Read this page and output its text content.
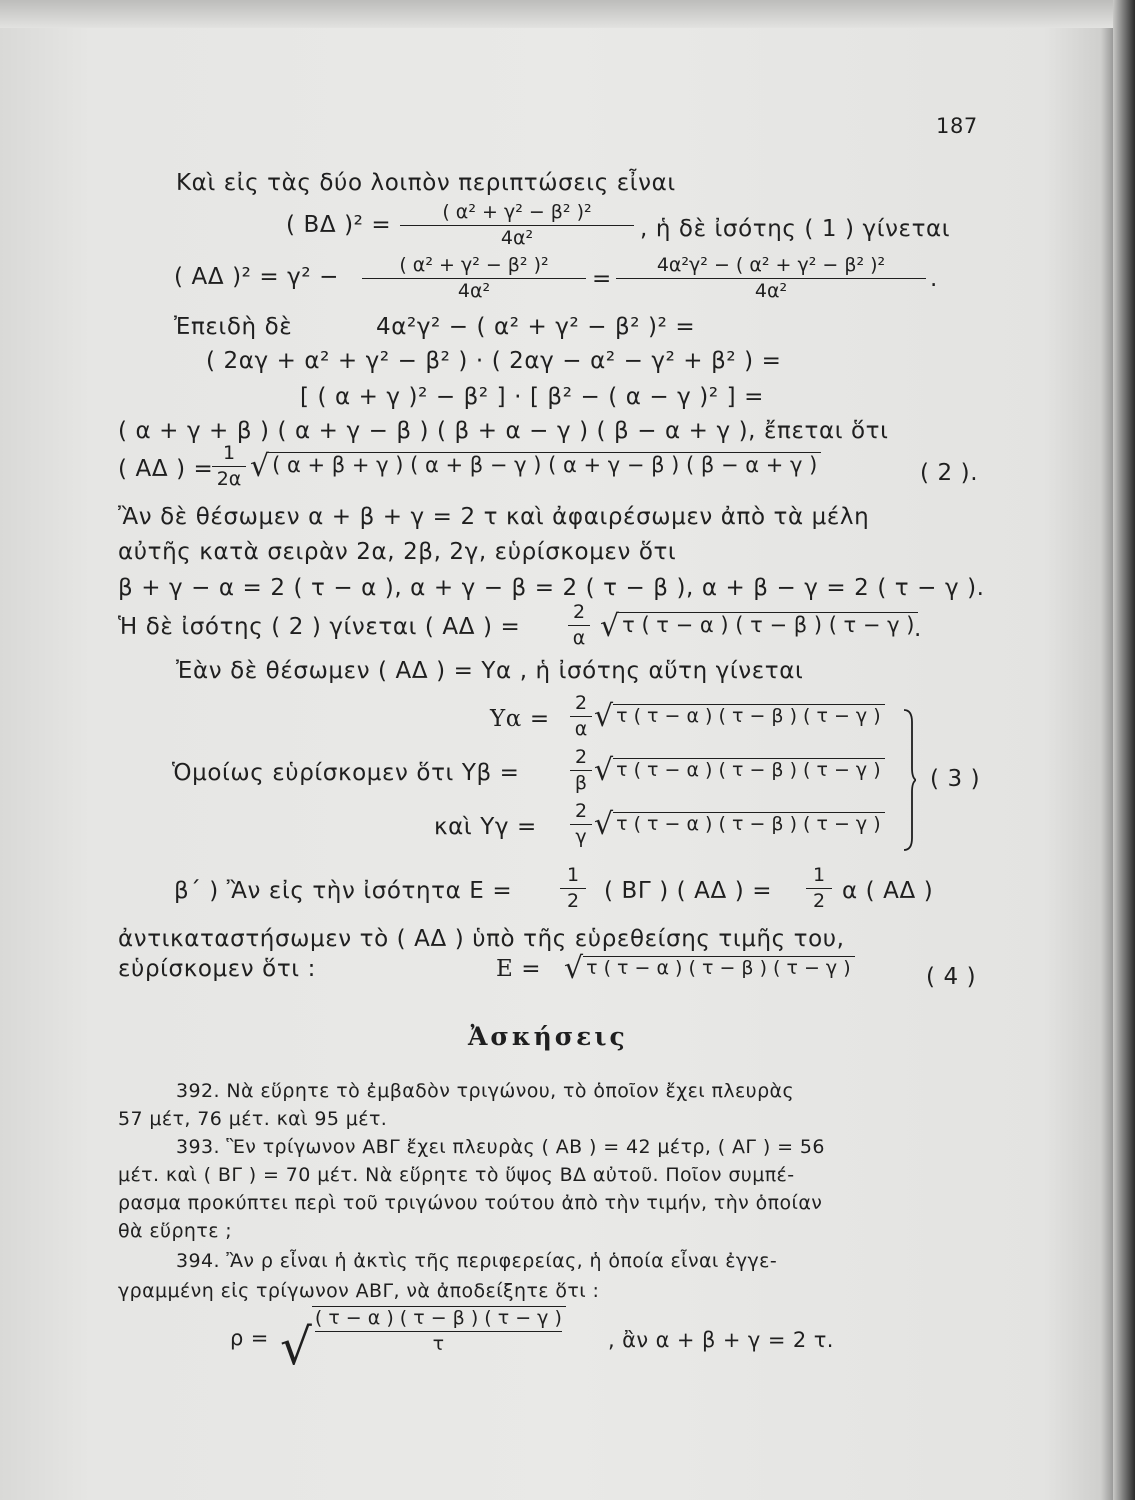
187
Καὶ εἰς τὰς δύο λοιπὸν περιπτώσεις εἶναι
( ΒΔ )$^2 = \frac{\text{( α² + γ² − β² )²}}{\text{4α²}}$ , ἡ δὲ ἰσότης ( 1 ) γίνεται
( ΑΔ )$^2 = \gamma^2 - \frac{\text{( α² + γ² − β² )²}}{\text{4α²}} = \frac{\text{4α²γ² − ( α² + γ² − β² )²}}{\text{4α²}}$ .
Ἐπειδὴ δὲ	4α²γ² − ( α² + γ² − β² )² =
( 2αγ + α² + γ² − β² ) · ( 2αγ − α² − γ² + β² ) =
[ ( α + γ )² − β² ] · [ β² − ( α − γ )² ] =
( α + γ + β ) ( α + γ − β ) ( β + α − γ ) ( β − α + γ ), ἔπεται ὅτι
( ΑΔ ) =
$\frac{1}{2\alpha}$ √ ( α + β + γ ) ( α + β − γ ) ( α + γ − β ) ( β − α + γ )	( 2 ).
Ἂν δὲ θέσωμεν α + β + γ = 2 τ καὶ ἀφαιρέσωμεν ἀπὸ τὰ μέλη
αὐτῆς κατὰ σειρὰν 2α, 2β, 2γ, εὑρίσκομεν ὅτι
β + γ − α = 2 ( τ − α ), α + γ − β = 2 ( τ − β ), α + β − γ = 2 ( τ − γ ).
Ἡ δὲ ἰσότης ( 2 ) γίνεται ( ΑΔ ) =	$\frac{2}{\alpha}$ √ τ ( τ − α ) ( τ − β ) ( τ − γ ) .
Ἐὰν δὲ θέσωμεν ( ΑΔ ) = Υα , ἡ ἰσότης αὕτη γίνεται
$\Upsilon\alpha = \frac{2}{\alpha}$ √ τ ( τ − α ) ( τ − β ) ( τ − γ )
Ὁμοίως εὑρίσκομεν ὅτι Υβ =	$\frac{2}{\beta}$ √ τ ( τ − α ) ( τ − β ) ( τ − γ )
καὶ $\Upsilon\gamma = \frac{2}{\gamma}$ √ τ ( τ − α ) ( τ − β ) ( τ − γ )
( 3 )
β΄ ) Ἂν εἰς τὴν ἰσότητα Ε =	$\frac{1}{2}$ ( ΒΓ ) ( ΑΔ ) = $\frac{1}{2}$ α ( ΑΔ )
ἀντικαταστήσωμεν τὸ ( ΑΔ ) ὑπὸ τῆς εὑρεθείσης τιμῆς του,
εὑρίσκομεν ὅτι :	Ε = √ τ ( τ − α ) ( τ − β ) ( τ − γ )	( 4 )
Ἀσκήσεις
392. Νὰ εὕρητε τὸ ἐμβαδὸν τριγώνου, τὸ ὁποῖον ἔχει πλευρὰς
57 μέτ, 76 μέτ. καὶ 95 μέτ.
393. Ἓν τρίγωνον ΑΒΓ ἔχει πλευρὰς ( ΑΒ ) = 42 μέτρ, ( ΑΓ ) = 56
μέτ. καὶ ( ΒΓ ) = 70 μέτ. Νὰ εὕρητε τὸ ὕψος ΒΔ αὐτοῦ. Ποῖον συμπέ-
ρασμα προκύπτει περὶ τοῦ τριγώνου τούτου ἀπὸ τὴν τιμήν, τὴν ὁποίαν
θὰ εὕρητε ;
394. Ἂν ρ εἶναι ἡ ἀκτὶς τῆς περιφερείας, ἡ ὁποία εἶναι ἐγγε-
γραμμένη εἰς τρίγωνον ΑΒΓ, νὰ ἀποδείξητε ὅτι :
ρ = √ $\frac{( \tau - \alpha ) ( \tau - \beta ) ( \tau - \gamma )}{\tau}$ , ἂν α + β + γ = 2 τ.
